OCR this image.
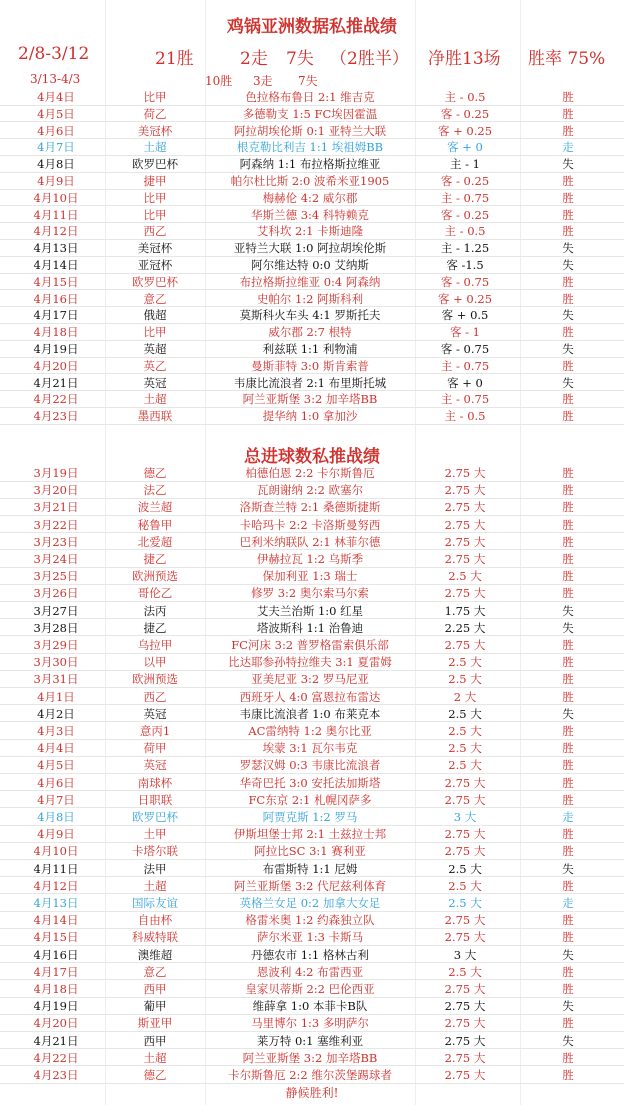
鸡锅亚洲数据私推战绩
2/8-3/12	21胜	2走 7失 （2胜半） 净胜13场 胜率 75%
3/13-4/3	10胜 3走 7失
4月4日	比甲	色拉格布鲁日 2:1 维吉克	主 - 0.5	胜
4月5日	荷乙	多德勒支 1:5 FC埃因霍温	客 - 0.25	胜
4月6日	美冠杯	阿拉胡埃伦斯 0:1 亚特兰大联	客 + 0.25	胜
4月7日	土超	根克勒比利吉 1:1 埃祖姆BB	客 + 0	走
4月8日	欧罗巴杯	阿森纳 1:1 布拉格斯拉维亚	主 - 1	失
4月9日	捷甲	帕尔杜比斯 2:0 波希米亚1905	客 - 0.25	胜
4月10日	比甲	梅赫伦 4:2 威尔郡	主 - 0.75	胜
4月11日	比甲	华斯兰德 3:4 科特赖克	客 - 0.25	胜
4月12日	西乙	艾科坎 2:1 卡斯迪隆	主 - 0.5	胜
4月13日	美冠杯	亚特兰大联 1:0 阿拉胡埃伦斯	主 - 1.25	失
4月14日	亚冠杯	阿尔维达特 0:0 艾纳斯	客 -1.5	失
4月15日	欧罗巴杯	布拉格斯拉维亚 0:4 阿森纳	客 - 0.75	胜
4月16日	意乙	史帕尔 1:2 阿斯科利	客 + 0.25	胜
4月17日	俄超	莫斯科火车头 4:1 罗斯托夫	客 + 0.5	失
4月18日	比甲	威尔郡 2:7 根特	客 - 1	胜
4月19日	英超	利兹联 1:1 利物浦	客 - 0.75	失
4月20日	英乙	曼斯菲特 3:0 斯肯索普	主 - 0.75	胜
4月21日	英冠	韦康比流浪者 2:1 布里斯托城	客 + 0	失
4月22日	土超	阿兰亚斯堡 3:2 加辛塔BB	主 - 0.75	胜
4月23日	墨西联	提华纳 1:0 拿加沙	主 - 0.5	胜
总进球数私推战绩
3月19日	德乙	柏德伯恩 2:2 卡尔斯鲁厄	2.75 大	胜
3月20日	法乙	瓦朗谢纳 2:2 欧塞尔	2.75 大	胜
3月21日	波兰超	洛斯查兰特 2:1 桑德斯捷斯	2.75 大	胜
3月22日	秘鲁甲	卡哈玛卡 2:2 卡洛斯曼努西	2.75 大	胜
3月23日	北爱超	巴利米纳联队 2:1 林菲尔德	2.75 大	胜
3月24日	捷乙	伊赫拉瓦 1:2 乌斯季	2.75 大	胜
3月25日	欧洲预选	保加利亚 1:3 瑞士	2.5 大	胜
3月26日	哥伦乙	修罗 3:2 奥尔索马尔索	2.75 大	胜
3月27日	法丙	艾夫兰治斯 1:0 红星	1.75 大	失
3月28日	捷乙	塔波斯科 1:1 治鲁迪	2.25 大	失
3月29日	乌拉甲	FC河床 3:2 普罗格雷索俱乐部	2.75 大	胜
3月30日	以甲	比达耶参孙特拉维夫 3:1 夏雷姆	2.5 大	胜
3月31日	欧洲预选	亚美尼亚 3:2 罗马尼亚	2.5 大	胜
4月1日	西乙	西班牙人 4:0 富恩拉布雷达	2 大	胜
4月2日	英冠	韦康比流浪者 1:0 布莱克本	2.5 大	失
4月3日	意丙1	AC雷纳特 1:2 奥尔比亚	2.5 大	胜
4月4日	荷甲	埃蒙 3:1 瓦尔韦克	2.5 大	胜
4月5日	英冠	罗瑟汉姆 0:3 韦康比流浪者	2.5 大	胜
4月6日	南球杯	华奇巴托 3:0 安托法加斯塔	2.75 大	胜
4月7日	日职联	FC东京 2:1 札幌冈萨多	2.75 大	胜
4月8日	欧罗巴杯	阿贾克斯 1:2 罗马	3 大	走
4月9日	土甲	伊斯坦堡士邦 2:1 土兹拉士邦	2.75 大	胜
4月10日	卡塔尔联	阿拉比SC 3:1 赛利亚	2.75 大	胜
4月11日	法甲	布雷斯特 1:1 尼姆	2.5 大	失
4月12日	土超	阿兰亚斯堡 3:2 代尼兹利体育	2.5 大	胜
4月13日	国际友谊	英格兰女足 0:2 加拿大女足	2.5 大	走
4月14日	自由杯	格雷米奥 1:2 约森独立队	2.75 大	胜
4月15日	科威特联	萨尔米亚 1:3 卡斯马	2.75 大	胜
4月16日	澳维超	丹德农市 1:1 格林古利	3 大	失
4月17日	意乙	恩波利 4:2 布雷西亚	2.5 大	胜
4月18日	西甲	皇家贝蒂斯 2:2 巴伦西亚	2.75 大	胜
4月19日	葡甲	维薛拿 1:0 本菲卡B队	2.75 大	失
4月20日	斯亚甲	马里博尔 1:3 多明萨尔	2.75 大	胜
4月21日	西甲	莱万特 0:1 塞维利亚	2.75 大	失
4月22日	土超	阿兰亚斯堡 3:2 加辛塔BB	2.75 大	胜
4月23日	德乙	卡尔斯鲁厄 2:2 维尔茨堡踢球者	2.75 大	胜
静候胜利!
